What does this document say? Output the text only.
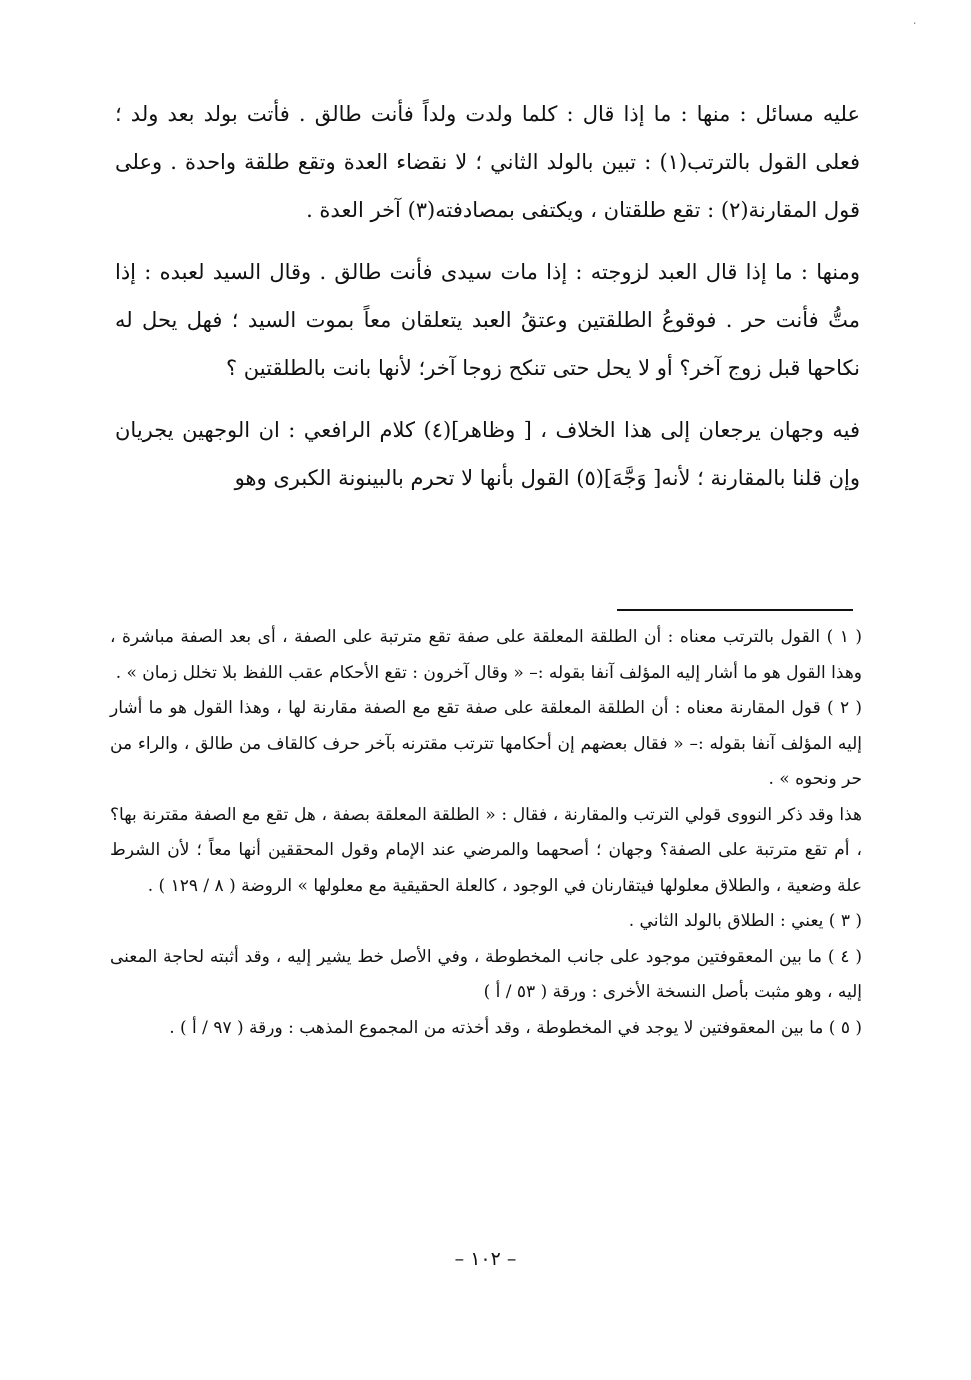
٠

عليه مسائل : منها : ما إذا قال : كلما ولدت ولداً فأنت طالق . فأتت بولد بعد ولد ؛ فعلى القول بالترتب(١) : تبين بالولد الثاني ؛ لا نقضاء العدة وتقع طلقة واحدة . وعلى قول المقارنة(٢) : تقع طلقتان ، ويكتفى بمصادفته(٣) آخر العدة .

ومنها : ما إذا قال العبد لزوجته : إذا مات سيدى فأنت طالق . وقال السيد لعبده : إذا متُّ فأنت حر . فوقوعُ الطلقتين وعتقُ العبد يتعلقان معاً بموت السيد ؛ فهل يحل له نكاحها قبل زوج آخر؟ أو لا يحل حتى تنكح زوجا آخر؛ لأنها بانت بالطلقتين ؟

فيه وجهان يرجعان إلى هذا الخلاف ، [ وظاهر](٤) كلام الرافعي : ان الوجهين يجريان وإن قلنا بالمقارنة ؛ لأنه[ وَجَّهَ](٥) القول بأنها لا تحرم بالبينونة الكبرى وهو

( ١ ) القول بالترتب معناه : أن الطلقة المعلقة على صفة تقع مترتبة على الصفة ، أى بعد الصفة مباشرة ، وهذا القول هو ما أشار إليه المؤلف آنفا بقوله :– « وقال آخرون : تقع الأحكام عقب اللفظ بلا تخلل زمان » .

( ٢ ) قول المقارنة معناه : أن الطلقة المعلقة على صفة تقع مع الصفة مقارنة لها ، وهذا القول هو ما أشار إليه المؤلف آنفا بقوله :– « فقال بعضهم إن أحكامها تترتب مقترنه بآخر حرف كالقاف من طالق ، والراء من حر ونحوه » .

هذا وقد ذكر النووى قولي الترتب والمقارنة ، فقال : « الطلقة المعلقة بصفة ، هل تقع مع الصفة مقترنة بها؟ ، أم تقع مترتبة على الصفة؟ وجهان ؛ أصحهما والمرضي عند الإمام وقول المحققين أنها معاً ؛ لأن الشرط علة وضعية ، والطلاق معلولها فيتقارنان في الوجود ، كالعلة الحقيقية مع معلولها » الروضة ( ٨ / ١٢٩ ) .

( ٣ ) يعني : الطلاق بالولد الثاني .

( ٤ ) ما بين المعقوفتين موجود على جانب المخطوطة ، وفي الأصل خط يشير إليه ، وقد أثبته لحاجة المعنى إليه ، وهو مثبت بأصل النسخة الأخرى : ورقة ( ٥٣ / أ )

( ٥ ) ما بين المعقوفتين لا يوجد في المخطوطة ، وقد أخذته من المجموع المذهب : ورقة ( ٩٧ / أ ) .

– ١٠٢ –
